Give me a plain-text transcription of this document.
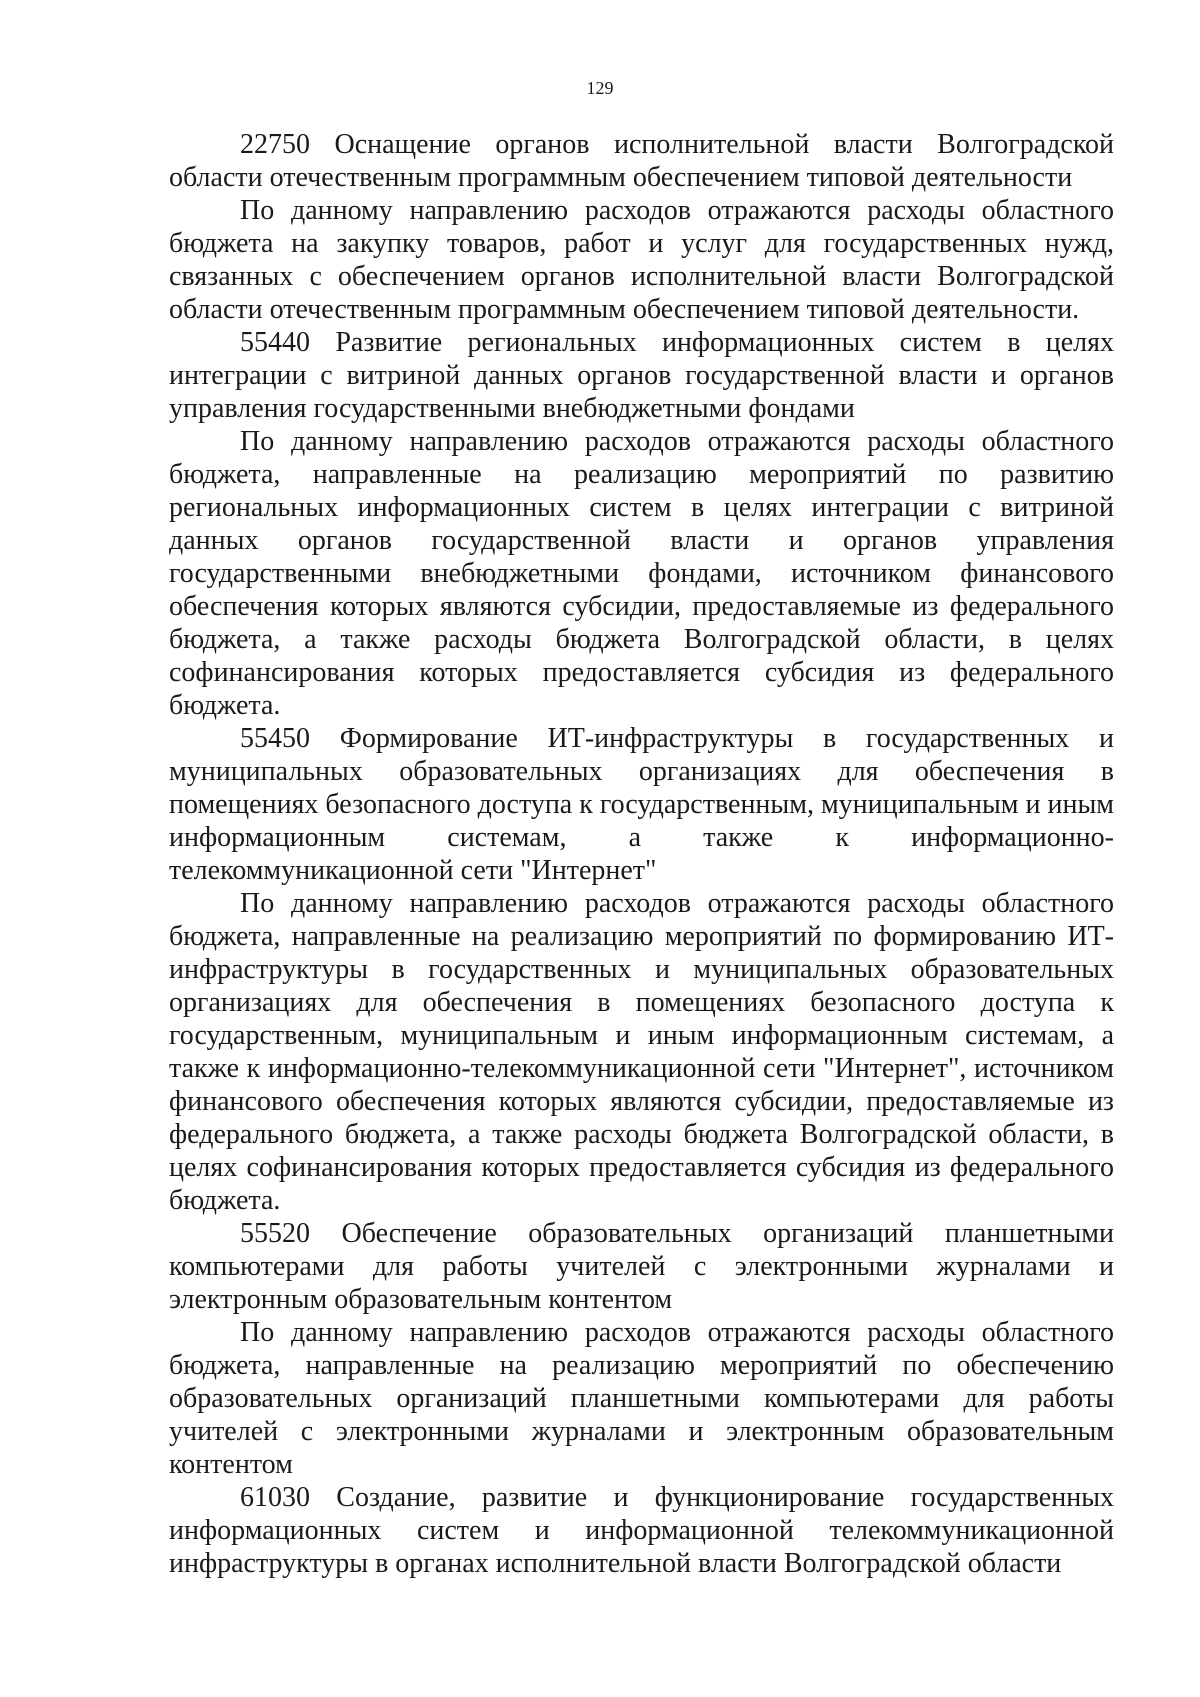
129

22750 Оснащение органов исполнительной власти Волгоградской области отечественным программным обеспечением типовой деятельности

По данному направлению расходов отражаются расходы областного бюджета на закупку товаров, работ и услуг для государственных нужд, связанных с обеспечением органов исполнительной власти Волгоградской области отечественным программным обеспечением типовой деятельности.

55440 Развитие региональных информационных систем в целях интеграции с витриной данных органов государственной власти и органов управления государственными внебюджетными фондами

По данному направлению расходов отражаются расходы областного бюджета, направленные на реализацию мероприятий по развитию региональных информационных систем в целях интеграции с витриной данных органов государственной власти и органов управления государственными внебюджетными фондами, источником финансового обеспечения которых являются субсидии, предоставляемые из федерального бюджета, а также расходы бюджета Волгоградской области, в целях софинансирования которых предоставляется субсидия из федерального бюджета.

55450 Формирование ИТ-инфраструктуры в государственных и муниципальных образовательных организациях для обеспечения в помещениях безопасного доступа к государственным, муниципальным и иным информационным системам, а также к информационно-телекоммуникационной сети "Интернет"

По данному направлению расходов отражаются расходы областного бюджета, направленные на реализацию мероприятий по формированию ИТ-инфраструктуры в государственных и муниципальных образовательных организациях для обеспечения в помещениях безопасного доступа к государственным, муниципальным и иным информационным системам, а также к информационно-телекоммуникационной сети "Интернет", источником финансового обеспечения которых являются субсидии, предоставляемые из федерального бюджета, а также расходы бюджета Волгоградской области, в целях софинансирования которых предоставляется субсидия из федерального бюджета.

55520 Обеспечение образовательных организаций планшетными компьютерами для работы учителей с электронными журналами и электронным образовательным контентом

По данному направлению расходов отражаются расходы областного бюджета, направленные на реализацию мероприятий по обеспечению образовательных организаций планшетными компьютерами для работы учителей с электронными журналами и электронным образовательным контентом

61030 Создание, развитие и функционирование государственных информационных систем и информационной телекоммуникационной инфраструктуры в органах исполнительной власти Волгоградской области
